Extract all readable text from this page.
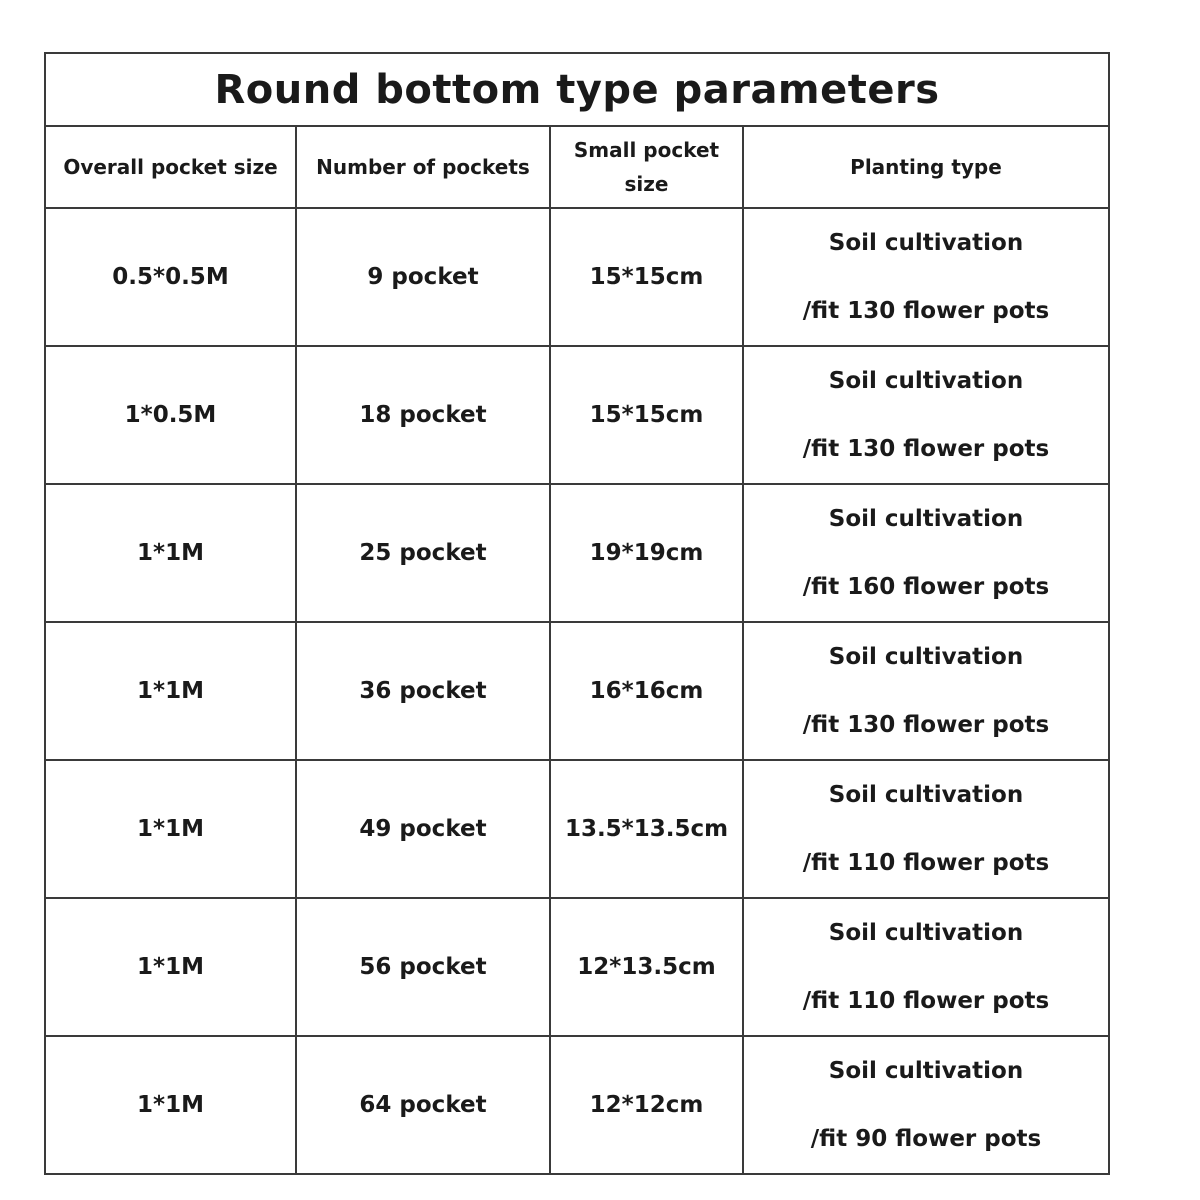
Round bottom type parameters			
Overall pocket size	Number of pockets	Small pocket size	Planting type
0.5*0.5M	9 pocket	15*15cm	Soil cultivation
/fit 130 flower pots

1*0.5M	18 pocket	15*15cm	Soil cultivation
/fit 130 flower pots

1*1M	25 pocket	19*19cm	Soil cultivation
/fit 160 flower pots

1*1M	36 pocket	16*16cm	Soil cultivation
/fit 130 flower pots

1*1M	49 pocket	13.5*13.5cm	Soil cultivation
/fit 110 flower pots

1*1M	56 pocket	12*13.5cm	Soil cultivation
/fit 110 flower pots

1*1M	64 pocket	12*12cm	Soil cultivation
/fit 90 flower pots
